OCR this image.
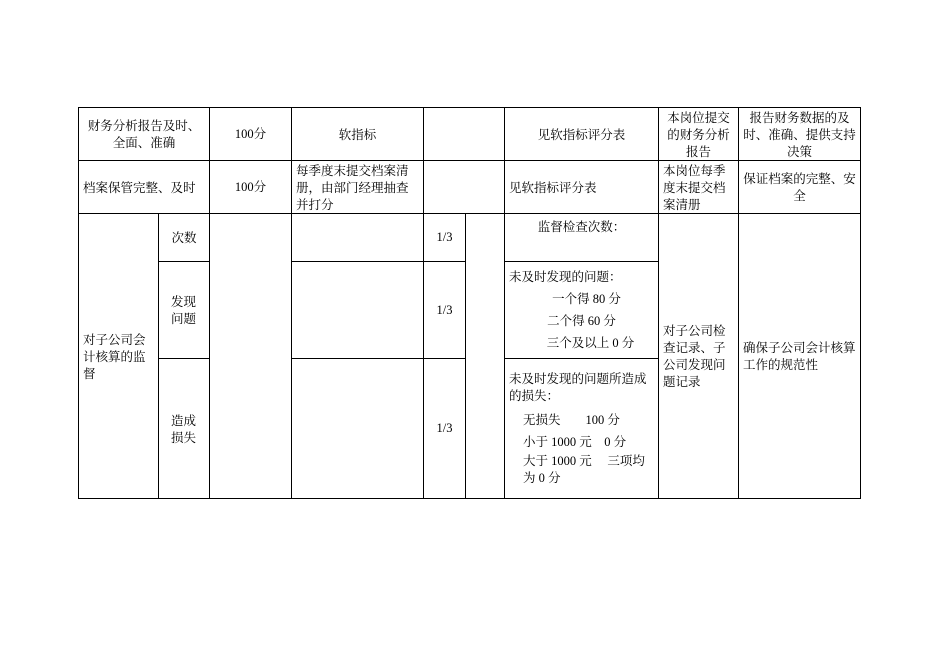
财务分析报告及时、全面、准确		100分	软指标			见软指标评分表	本岗位提交的财务分析报告	报告财务数据的及时、准确、提供支持决策
档案保管完整、及时		100分	每季度末提交档案清册，由部门经理抽查并打分			见软指标评分表	本岗位每季度末提交档案清册	保证档案的完整、安全
对子公司会计核算的监督	次数			1/3		监督检查次数：	对子公司检查记录、子公司发现问题记录	确保子公司会计核算工作的规范性
	发现问题			1/3		未及时发现的问题：
一个得 80 分
二个得 60 分
三个及以上 0 分		

	造成损失			1/3		未及时发现的问题所造成的损失：
无损失　　100 分
小于 1000 元　0 分
大于 1000 元　 三项均为 0 分		
